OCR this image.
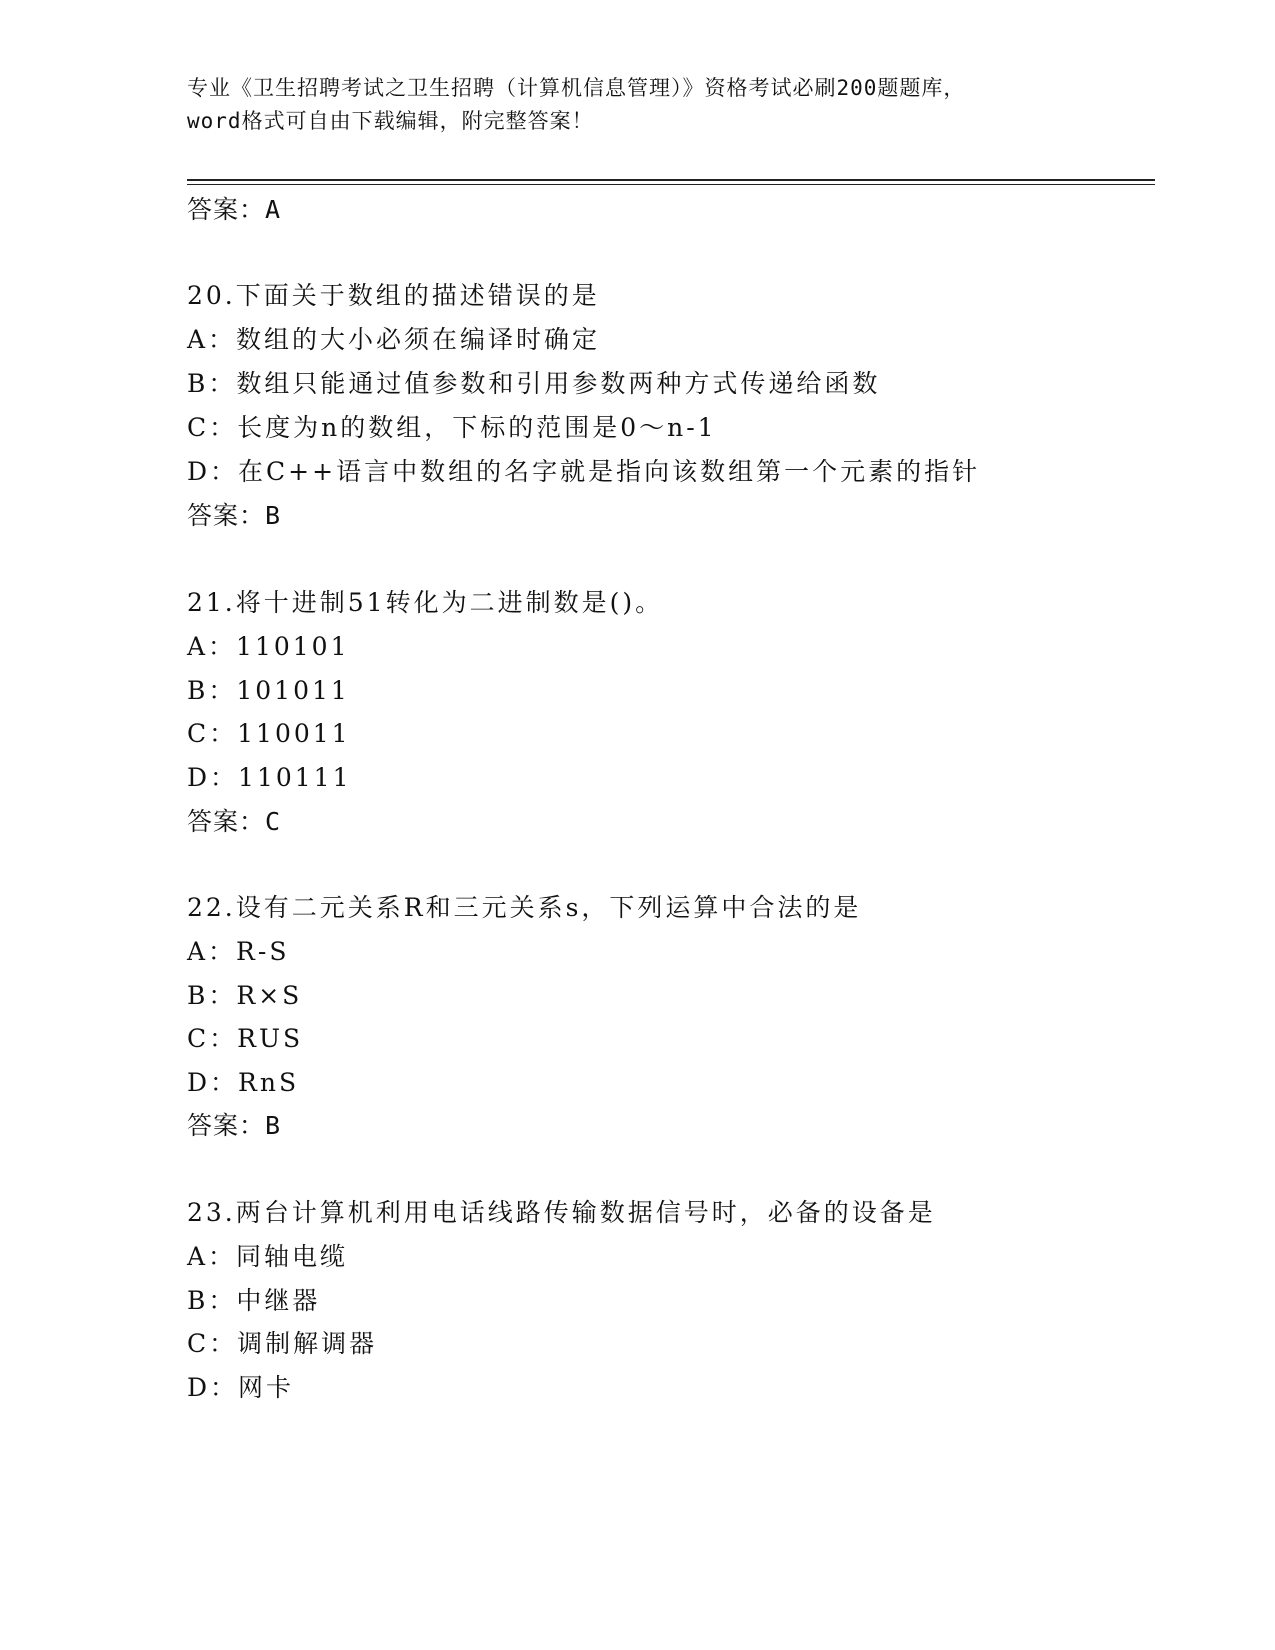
专业《卫生招聘考试之卫生招聘（计算机信息管理）》资格考试必刷200题题库，

word格式可自由下载编辑，附完整答案！

答案：A

20.下面关于数组的描述错误的是

A：数组的大小必须在编译时确定

B：数组只能通过值参数和引用参数两种方式传递给函数

C：长度为n的数组，下标的范围是0～n-1

D：在C++语言中数组的名字就是指向该数组第一个元素的指针

答案：B

21.将十进制51转化为二进制数是()。

A：110101

B：101011

C：110011

D：110111

答案：C

22.设有二元关系R和三元关系s，下列运算中合法的是

A：R-S

B：R×S

C：RUS

D：RnS

答案：B

23.两台计算机利用电话线路传输数据信号时，必备的设备是

A：同轴电缆

B：中继器

C：调制解调器

D：网卡
